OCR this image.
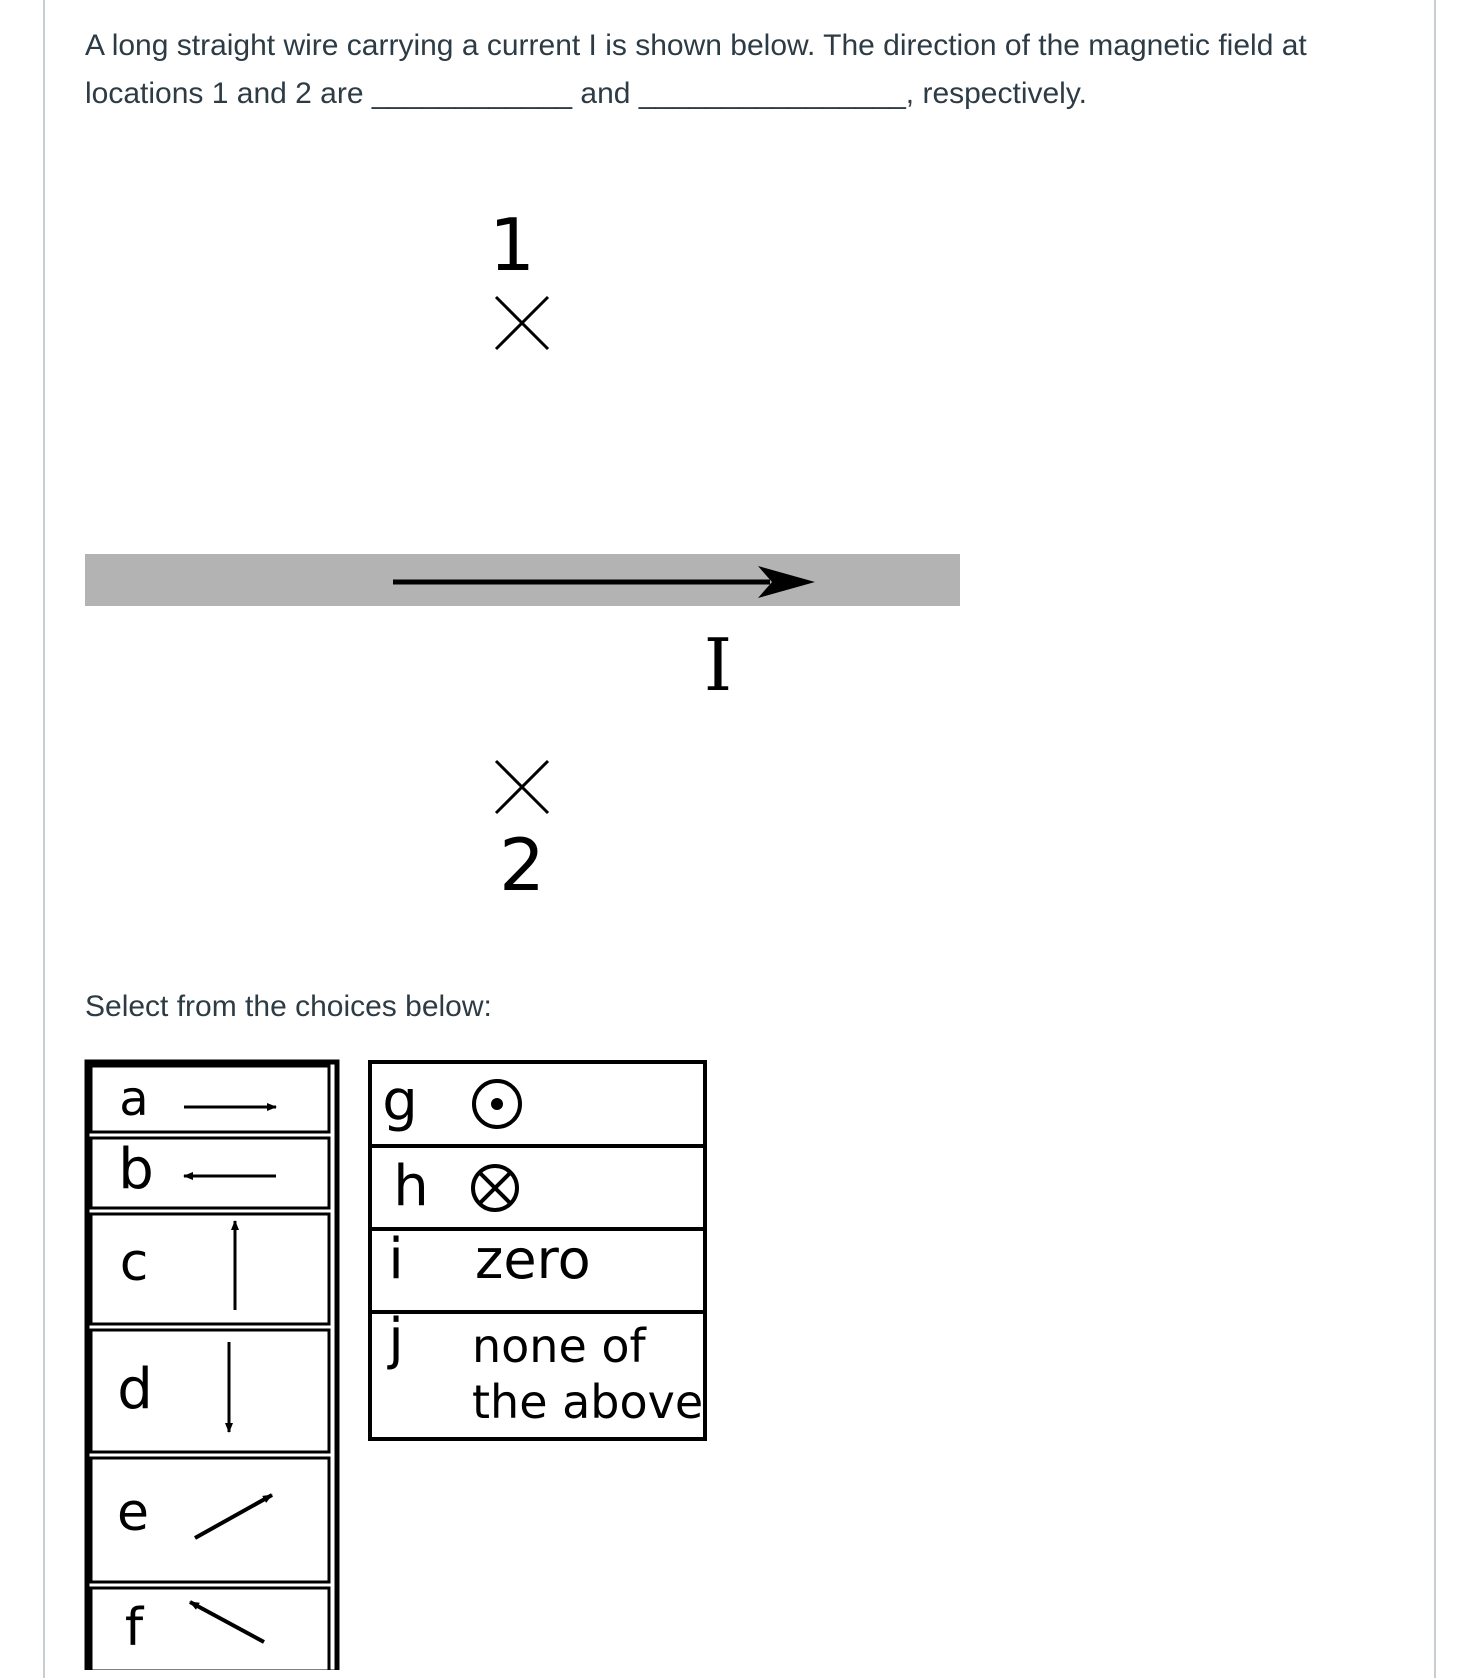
A long straight wire carrying a current I is shown below. The direction of the magnetic field at locations 1 and 2 are ____________ and ________________, respectively.

1
I
2

Select from the choices below:

a
b
c
d
e
f
g
h
i zero
j none of
the above
